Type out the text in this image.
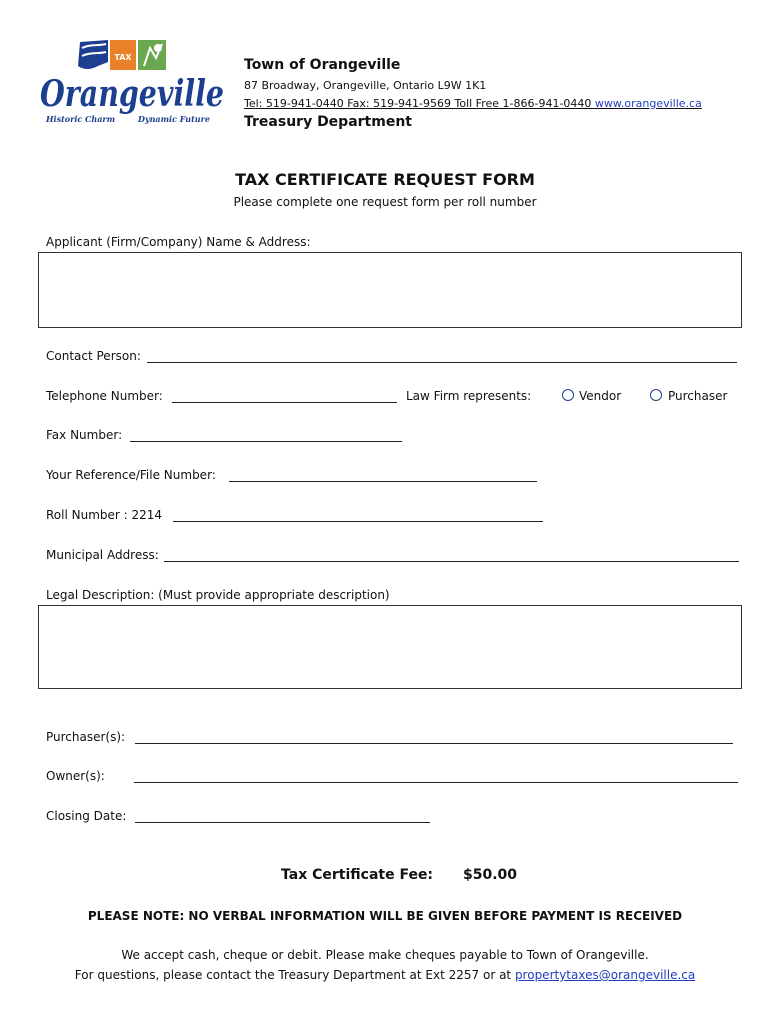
TAX
Orangeville
Historic Charm	Dynamic Future
Town of Orangeville
87 Broadway, Orangeville, Ontario L9W 1K1
Tel: 519-941-0440 Fax: 519-941-9569 Toll Free 1-866-941-0440 www.orangeville.ca
Treasury Department
TAX CERTIFICATE REQUEST FORM
Please complete one request form per roll number
Applicant (Firm/Company) Name & Address:
Contact Person:
Telephone Number:	Law Firm represents:	Vendor	Purchaser
Fax Number:
Your Reference/File Number:
Roll Number : 2214
Municipal Address:
Legal Description: (Must provide appropriate description)
Purchaser(s):
Owner(s):
Closing Date:
Tax Certificate Fee: $50.00
PLEASE NOTE: NO VERBAL INFORMATION WILL BE GIVEN BEFORE PAYMENT IS RECEIVED
We accept cash, cheque or debit. Please make cheques payable to Town of Orangeville.
For questions, please contact the Treasury Department at Ext 2257 or at propertytaxes@orangeville.ca
